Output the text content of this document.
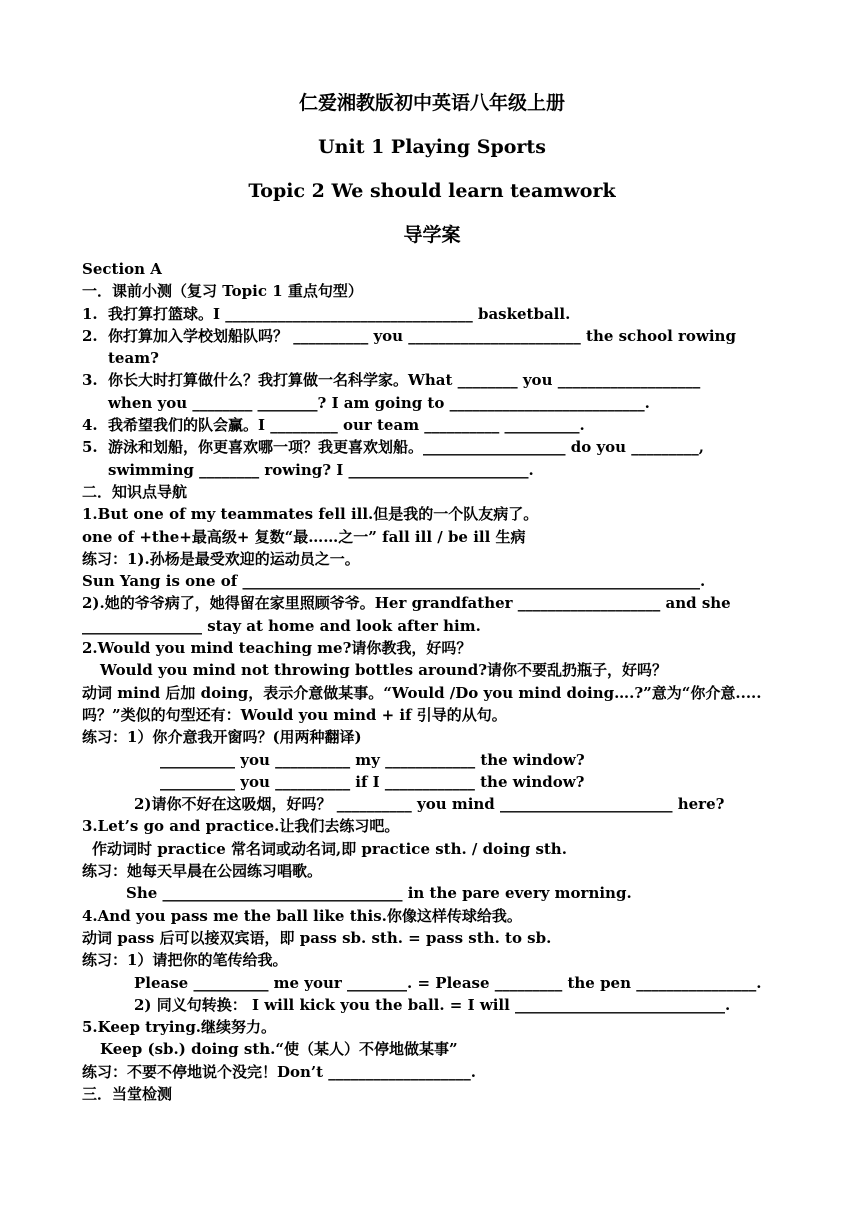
仁爱湘教版初中英语八年级上册

Unit 1 Playing Sports

Topic 2 We should learn teamwork

导学案

Section A
一．课前小测（复习 Topic 1 重点句型）
1. 我打算打篮球。I _________________________________ basketball.
2. 你打算加入学校划船队吗？ __________ you _______________________ the school rowing
team?
3. 你长大时打算做什么？我打算做一名科学家。What ________ you ___________________
when you ________ ________? I am going to __________________________.
4. 我希望我们的队会赢。I _________ our team __________ __________.
5. 游泳和划船，你更喜欢哪一项？我更喜欢划船。___________________ do you _________,
swimming ________ rowing? I ________________________.
二．知识点导航
1.But one of my teammates fell ill.但是我的一个队友病了。
one of +the+最高级+ 复数“最……之一” fall ill / be ill 生病
练习：1).孙杨是最受欢迎的运动员之一。
Sun Yang is one of _____________________________________________________________.
2).她的爷爷病了，她得留在家里照顾爷爷。Her grandfather ___________________ and she
________________ stay at home and look after him.
2.Would you mind teaching me?请你教我，好吗？
Would you mind not throwing bottles around?请你不要乱扔瓶子，好吗？
动词 mind 后加 doing，表示介意做某事。“Would /Do you mind doing….?”意为“你介意.....
吗？”类似的句型还有：Would you mind + if 引导的从句。
练习：1）你介意我开窗吗？(用两种翻译)
__________ you __________ my ____________ the window?
__________ you __________ if I ____________ the window?
2)请你不好在这吸烟，好吗？ __________ you mind _______________________ here?
3.Let’s go and practice.让我们去练习吧。
作动词时 practice 常名词或动名词,即 practice sth. / doing sth.
练习：她每天早晨在公园练习唱歌。
She ________________________________ in the pare every morning.
4.And you pass me the ball like this.你像这样传球给我。
动词 pass 后可以接双宾语，即 pass sb. sth. = pass sth. to sb.
练习：1）请把你的笔传给我。
Please __________ me your ________. = Please _________ the pen ________________.
2) 同义句转换： I will kick you the ball. = I will ____________________________.
5.Keep trying.继续努力。
Keep (sb.) doing sth.“使（某人）不停地做某事”
练习：不要不停地说个没完！Don’t ___________________.
三．当堂检测
